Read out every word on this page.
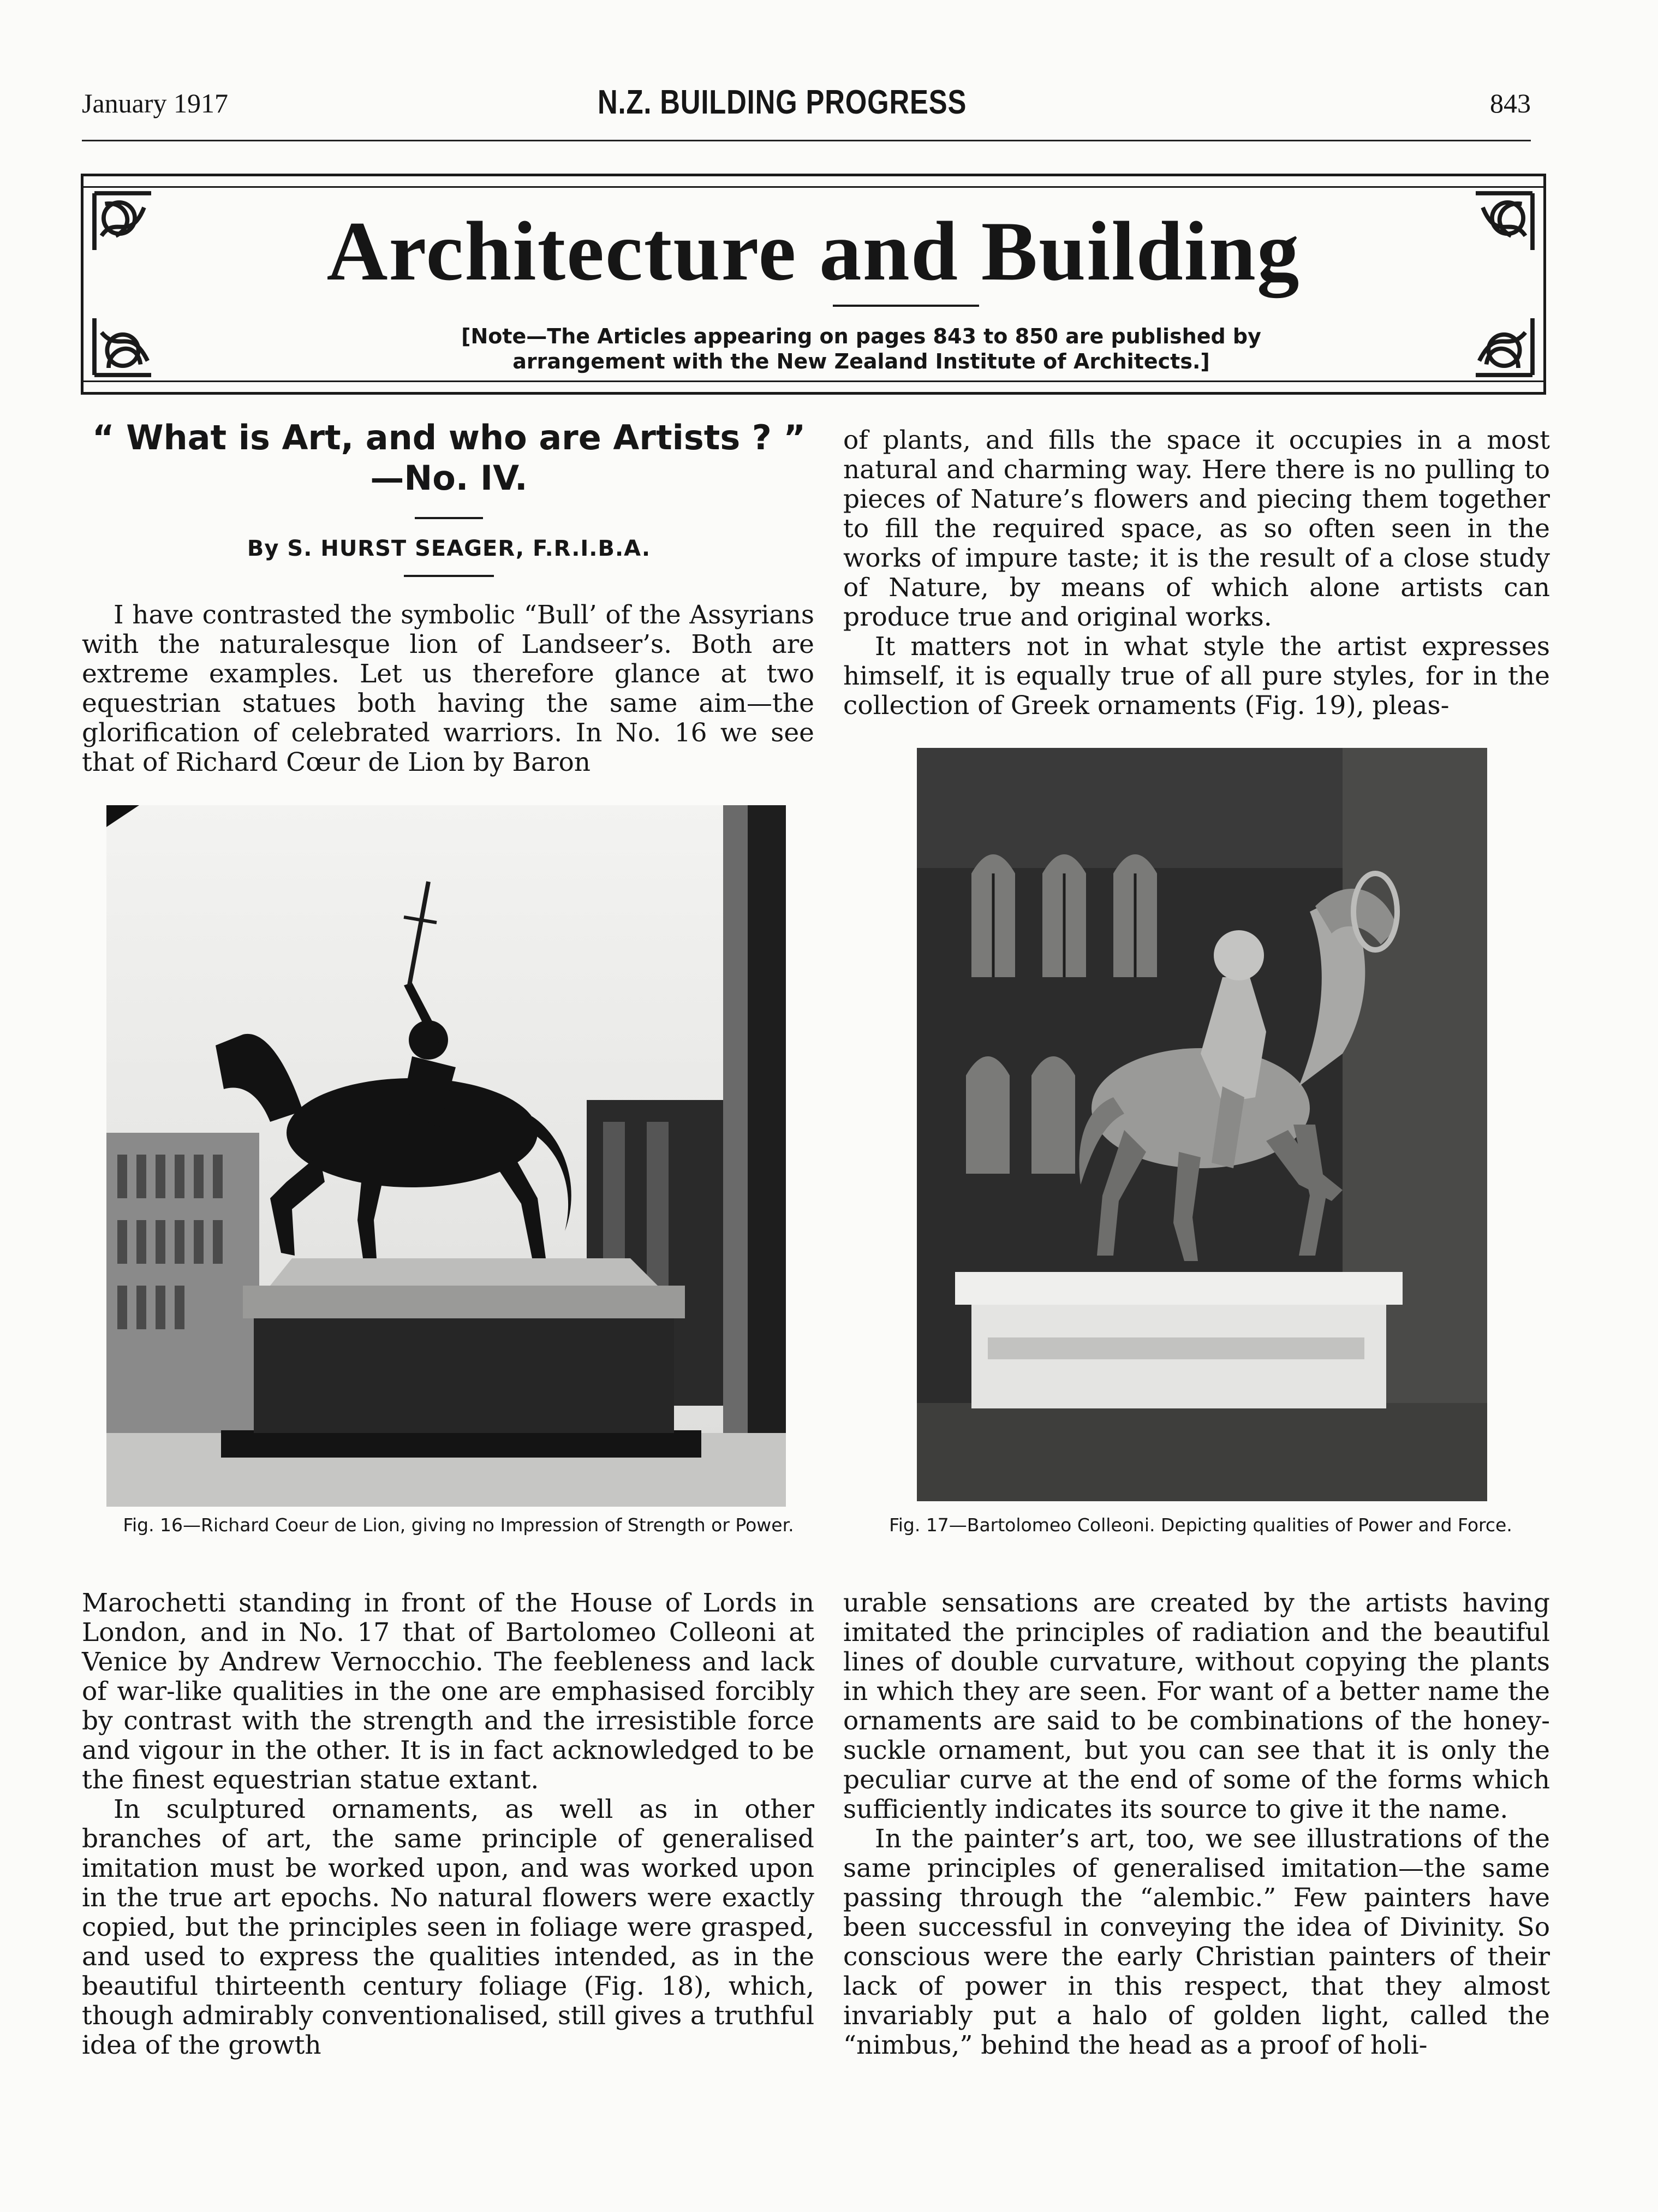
January 1917	N.Z. BUILDING PROGRESS	843
Architecture and Building
[Note—The Articles appearing on pages 843 to 850 are published by arrangement with the New Zealand Institute of Architects.]
“ What is Art, and who are Artists ? ”
—No. IV.
By S. HURST SEAGER, F.R.I.B.A.

I have contrasted the symbolic “Bull’ of the Assyrians with the naturalesque lion of Landseer’s. Both are extreme examples. Let us therefore glance at two equestrian statues both having the same aim—the glorification of celebrated warriors. In No. 16 we see that of Richard Cœur de Lion by Baron

of plants, and fills the space it occupies in a most natural and charming way. Here there is no pulling to pieces of Nature’s flowers and piecing them together to fill the required space, as so often seen in the works of impure taste; it is the result of a close study of Nature, by means of which alone artists can produce true and original works.

It matters not in what style the artist expresses himself, it is equally true of all pure styles, for in the collection of Greek ornaments (Fig. 19), pleas-

Fig. 16—Richard Coeur de Lion, giving no Impression of Strength or Power.	Fig. 17—Bartolomeo Colleoni. Depicting qualities of Power and Force.

Marochetti standing in front of the House of Lords in London, and in No. 17 that of Bartolomeo Colleoni at Venice by Andrew Vernocchio. The feebleness and lack of war-like qualities in the one are emphasised forcibly by contrast with the strength and the irresistible force and vigour in the other. It is in fact acknowledged to be the finest equestrian statue extant.

In sculptured ornaments, as well as in other branches of art, the same principle of generalised imitation must be worked upon, and was worked upon in the true art epochs. No natural flowers were exactly copied, but the principles seen in foliage were grasped, and used to express the qualities intended, as in the beautiful thirteenth century foliage (Fig. 18), which, though admirably conventionalised, still gives a truthful idea of the growth

urable sensations are created by the artists having imitated the principles of radiation and the beautiful lines of double curvature, without copying the plants in which they are seen. For want of a better name the ornaments are said to be combinations of the honey-suckle ornament, but you can see that it is only the peculiar curve at the end of some of the forms which sufficiently indicates its source to give it the name.

In the painter’s art, too, we see illustrations of the same principles of generalised imitation—the same passing through the “alembic.” Few painters have been successful in conveying the idea of Divinity. So conscious were the early Christian painters of their lack of power in this respect, that they almost invariably put a halo of golden light, called the “nimbus,” behind the head as a proof of holi-
